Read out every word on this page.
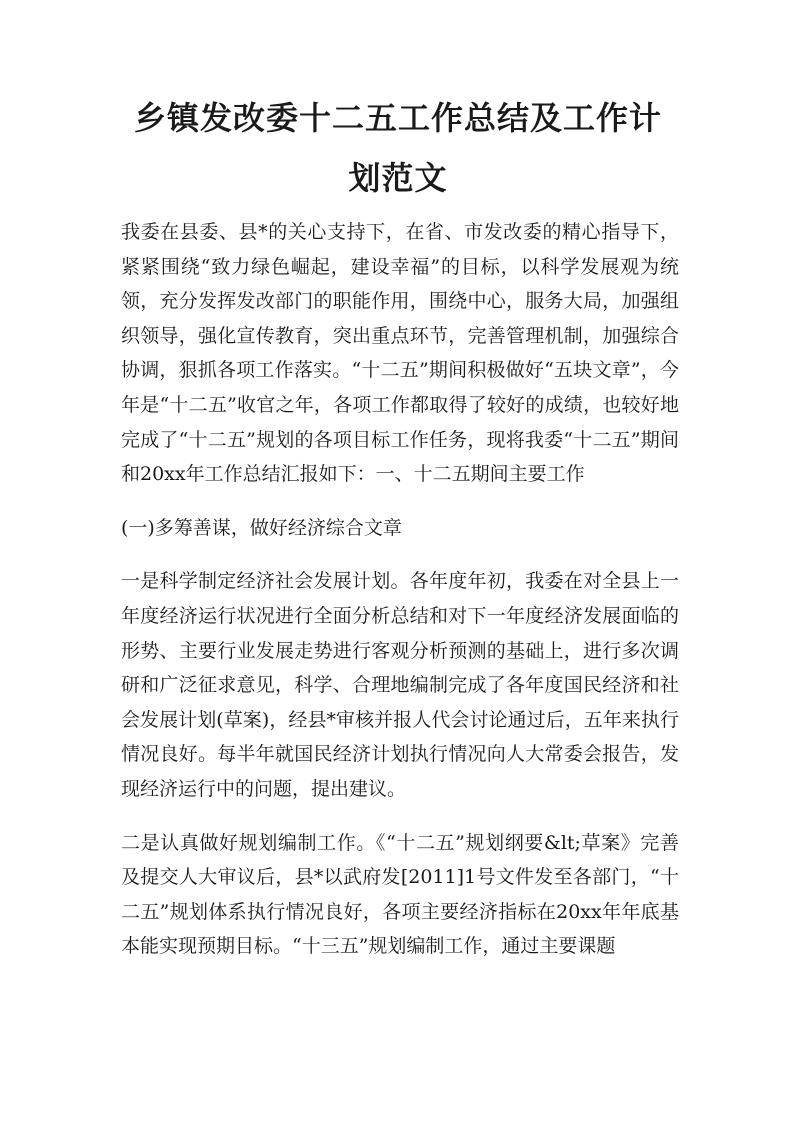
乡镇发改委十二五工作总结及工作计划范文

我委在县委、县*的关心支持下，在省、市发改委的精心指导下，紧紧围绕“致力绿色崛起，建设幸福”的目标，以科学发展观为统领，充分发挥发改部门的职能作用，围绕中心，服务大局，加强组织领导，强化宣传教育，突出重点环节，完善管理机制，加强综合协调，狠抓各项工作落实。“十二五”期间积极做好“五块文章”，今年是“十二五”收官之年，各项工作都取得了较好的成绩，也较好地完成了“十二五”规划的各项目标工作任务，现将我委“十二五”期间和20xx年工作总结汇报如下：一、十二五期间主要工作

(一)多筹善谋，做好经济综合文章

一是科学制定经济社会发展计划。各年度年初，我委在对全县上一年度经济运行状况进行全面分析总结和对下一年度经济发展面临的形势、主要行业发展走势进行客观分析预测的基础上，进行多次调研和广泛征求意见，科学、合理地编制完成了各年度国民经济和社会发展计划(草案)，经县*审核并报人代会讨论通过后，五年来执行情况良好。每半年就国民经济计划执行情况向人大常委会报告，发现经济运行中的问题，提出建议。

二是认真做好规划编制工作。《“十二五”规划纲要&lt;草案》完善及提交人大审议后，县*以武府发[2011]1号文件发至各部门，“十二五”规划体系执行情况良好，各项主要经济指标在20xx年年底基本能实现预期目标。“十三五”规划编制工作，通过主要课题
